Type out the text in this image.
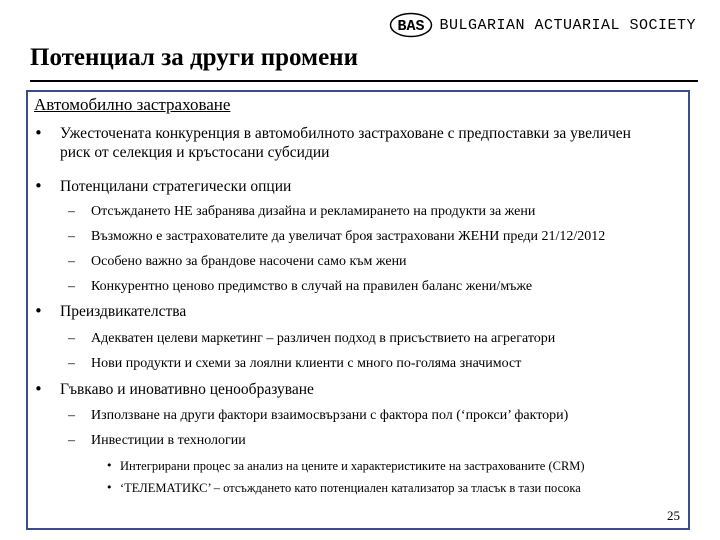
BAS BULGARIAN ACTUARIAL SOCIETY
Потенциал за други промени
Автомобилно застраховане
• Ужесточената конкуренция в автомобилното застраховане с предпоставки за увеличен риск от селекция и кръстосани субсидии
• Потенцилани стратегически опции
– Отсъждането НЕ забранява дизайна и рекламирането на продукти за жени
– Възможно е застрахователите да увеличат броя застраховани ЖЕНИ преди 21/12/2012
– Особено важно за брандове насочени само към жени
– Конкурентно ценово предимство в случай на правилен баланс жени/мъже
• Преиздвикателства
– Адекватен целеви маркетинг – различен подход в присъствието на агрегатори
– Нови продукти и схеми за лоялни клиенти с много по-голяма значимост
• Гъвкаво и иновативно ценообразуване
– Използване на други фактори взаимосвързани с фактора пол (‘прокси’ фактори)
– Инвестиции в технологии
• Интегрирани процес за анализ на цените и характеристиките на застрахованите (CRM)
• ‘ТЕЛЕМАТИКС’ – отсъждането като потенциален катализатор за тласък в тази посока
25
